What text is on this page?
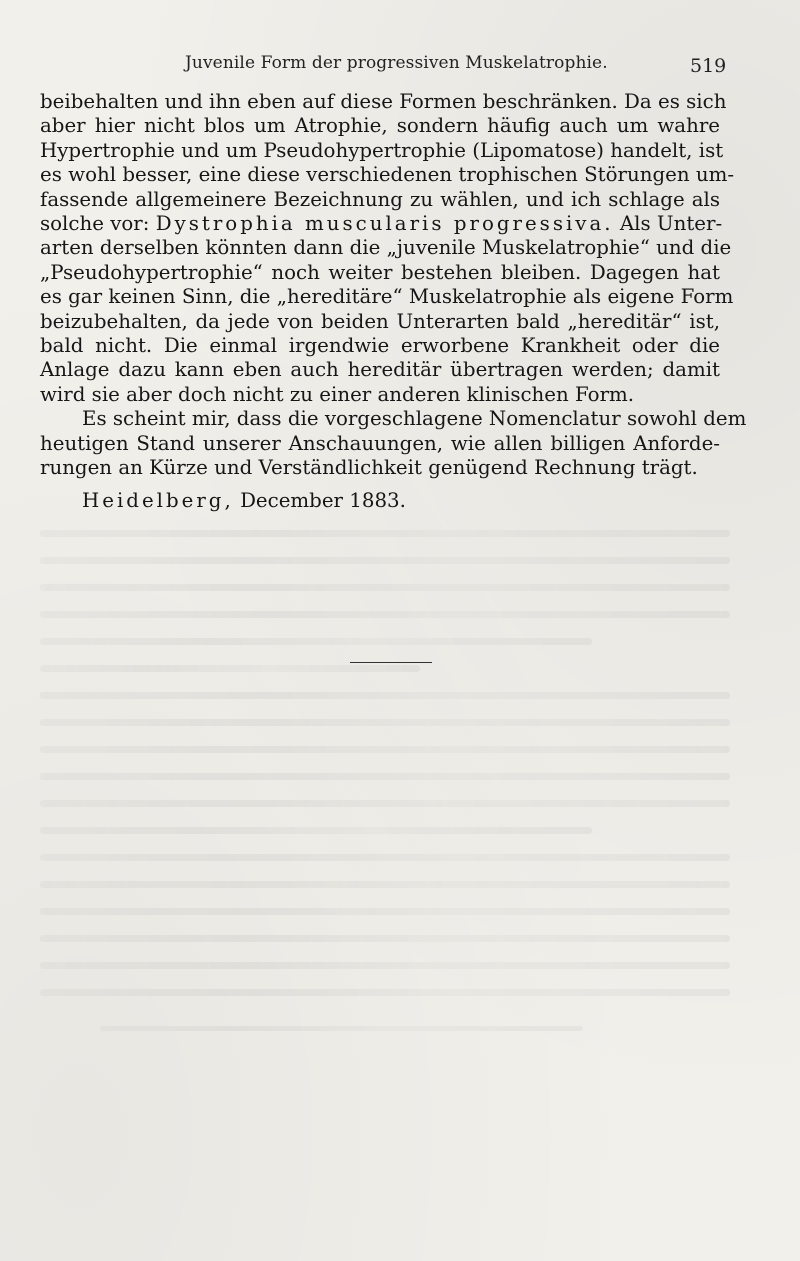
Juvenile Form der progressiven Muskelatrophie.	519
beibehalten und ihn eben auf diese Formen beschränken. Da es sich
aber hier nicht blos um Atrophie, sondern häufig auch um wahre
Hypertrophie und um Pseudohypertrophie (Lipomatose) handelt, ist
es wohl besser, eine diese verschiedenen trophischen Störungen um-
fassende allgemeinere Bezeichnung zu wählen, und ich schlage als
solche vor: Dystrophia muscularis progressiva. Als Unter-
arten derselben könnten dann die „juvenile Muskelatrophie“ und die
„Pseudohypertrophie“ noch weiter bestehen bleiben. Dagegen hat
es gar keinen Sinn, die „hereditäre“ Muskelatrophie als eigene Form
beizubehalten, da jede von beiden Unterarten bald „hereditär“ ist,
bald nicht. Die einmal irgendwie erworbene Krankheit oder die
Anlage dazu kann eben auch hereditär übertragen werden; damit
wird sie aber doch nicht zu einer anderen klinischen Form.
Es scheint mir, dass die vorgeschlagene Nomenclatur sowohl dem
heutigen Stand unserer Anschauungen, wie allen billigen Anforde-
rungen an Kürze und Verständlichkeit genügend Rechnung trägt.
Heidelberg, December 1883.
